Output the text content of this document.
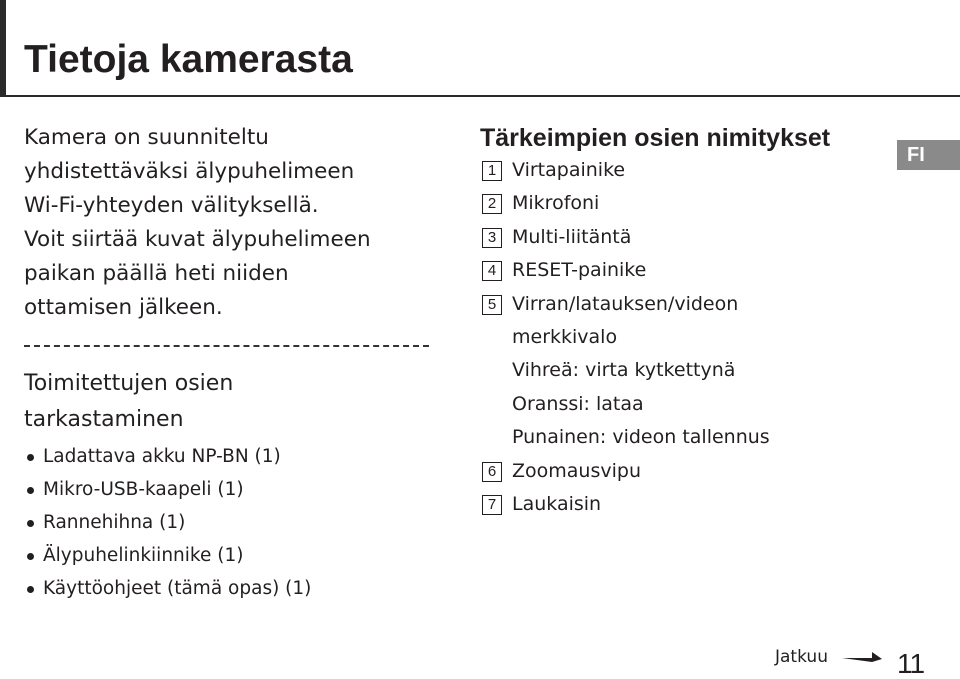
Tietoja kamerasta

Kamera on suunniteltu
yhdistettäväksi älypuhelimeen
Wi-Fi-yhteyden välityksellä.
Voit siirtää kuvat älypuhelimeen
paikan päällä heti niiden
ottamisen jälkeen.

Toimitettujen osien
tarkastaminen
Ladattava akku NP-BN (1)
Mikro-USB-kaapeli (1)
Rannehihna (1)
Älypuhelinkiinnike (1)
Käyttöohjeet (tämä opas) (1)
Tärkeimpien osien nimitykset
1 Virtapainike
2 Mikrofoni
3 Multi-liitäntä
4 RESET-painike
5 Virran/latauksen/videon
merkkivalo
Vihreä: virta kytkettynä
Oranssi: lataa
Punainen: videon tallennus
6 Zoomausvipu
7 Laukaisin
FI
Jatkuu 11
